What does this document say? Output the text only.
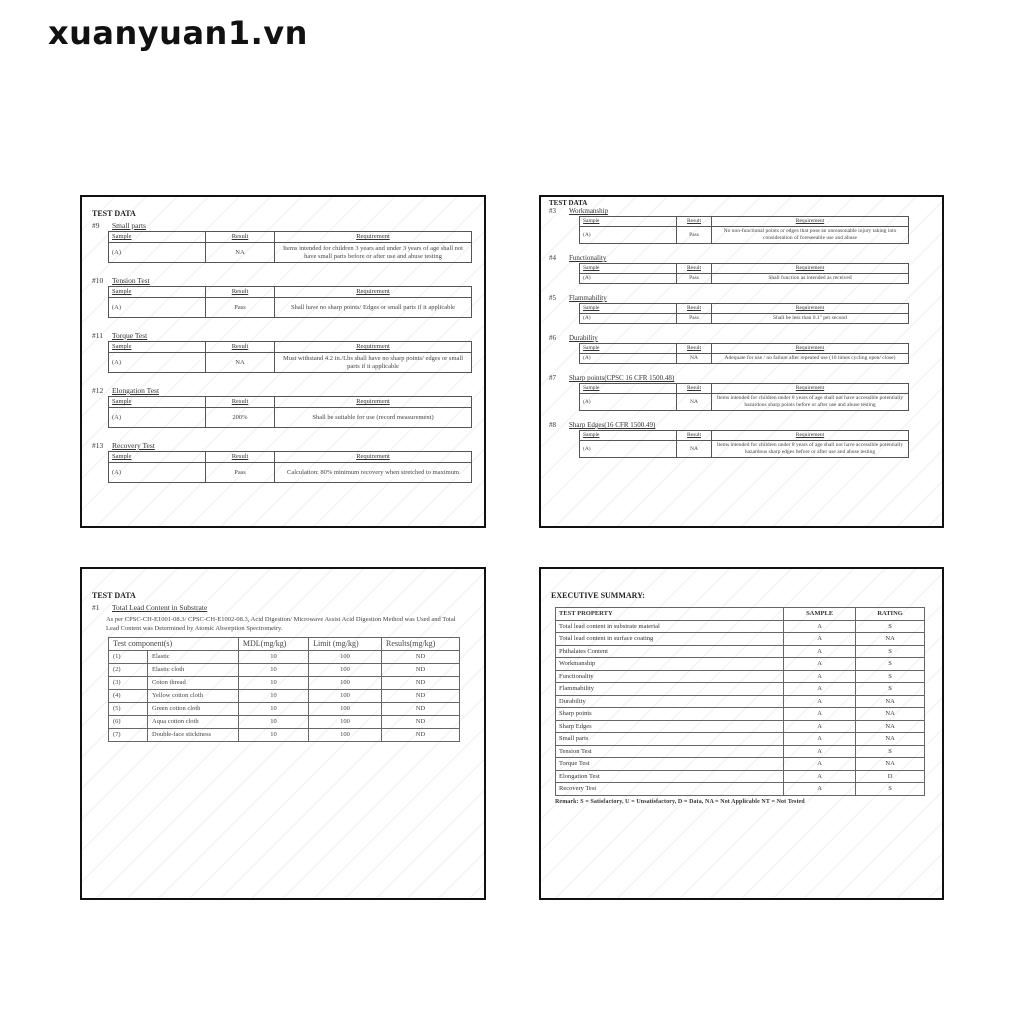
xuanyuan1.vn
TEST DATA
#9 Small parts
Sample	Result	Requirement
(A)	NA	Items intended for children 3 years and under 3 years of age shall not have small parts before or after use and abuse testing
#10 Tension Test
Sample	Result	Requirement
(A)	Pass	Shall have no sharp points/ Edges or small parts if it applicable
#11 Torque Test
Sample	Result	Requirement
(A)	NA	Must withstand 4.2 in./Lbs shall have no sharp points/ edges or small parts if it applicable
#12 Elongation Test
Sample	Result	Requirement
(A)	200%	Shall be suitable for use (record measurement)
#13 Recovery Test
Sample	Result	Requirement
(A)	Pass	Calculation: 80% minimum recovery when stretched to maximum
TEST DATA
#3 Workmanship
Sample	Result	Requirement
(A)	Pass	No non-functional points or edges that pose an unreasonable injury taking into consideration of foreseeable use and abuse
#4 Functionality
Sample	Result	Requirement
(A)	Pass	Shall function as intended as received
#5 Flammability
Sample	Result	Requirement
(A)	Pass	Shall be less than 0.1" per second
#6 Durability
Sample	Result	Requirement
(A)	NA	Adequate for use / no failure after repeated use (10 times cycling open/ close)
#7 Sharp points(CPSC 16 CFR 1500.48)
Sample	Result	Requirement
(A)	NA	Items intended for children under 8 years of age shall not have accessible potentially hazardous sharp points before or after use and abuse testing
#8 Sharp Edges(16 CFR 1500.49)
Sample	Result	Requirement
(A)	NA	Items intended for children under 8 years of age shall not have accessible potentially hazardous sharp edges before or after use and abuse testing
TEST DATA
#1 Total Lead Content in Substrate
As per CPSC-CH-E1001-08.3/ CPSC-CH-E1002-08.3, Acid Digestion/ Microwave Assist Acid Digestion Method was Used and Total Lead Content was Determined by Atomic Absorption Spectrometry.
Test component(s)		MDL(mg/kg)	Limit (mg/kg)	Results(mg/kg)
(1)	Elastic	10	100	ND
(2)	Elastic cloth	10	100	ND
(3)	Coton thread	10	100	ND
(4)	Yellow cotton cloth	10	100	ND
(5)	Green cotton cloth	10	100	ND
(6)	Aqua cotton cloth	10	100	ND
(7)	Double-face stickiness	10	100	ND
EXECUTIVE SUMMARY:
TEST PROPERTY	SAMPLE	RATING
Total lead content in substrate material	A	S
Total lead content in surface coating	A	NA
Phthalates Content	A	S
Workmanship	A	S
Functionality	A	S
Flammability	A	S
Durability	A	NA
Sharp points	A	NA
Sharp Edges	A	NA
Small parts	A	NA
Tension Test	A	S
Torque Test	A	NA
Elongation Test	A	D
Recovery Test	A	S
Remark: S = Satisfactory, U = Unsatisfactory, D = Data, NA = Not Applicable NT = Not Tested
